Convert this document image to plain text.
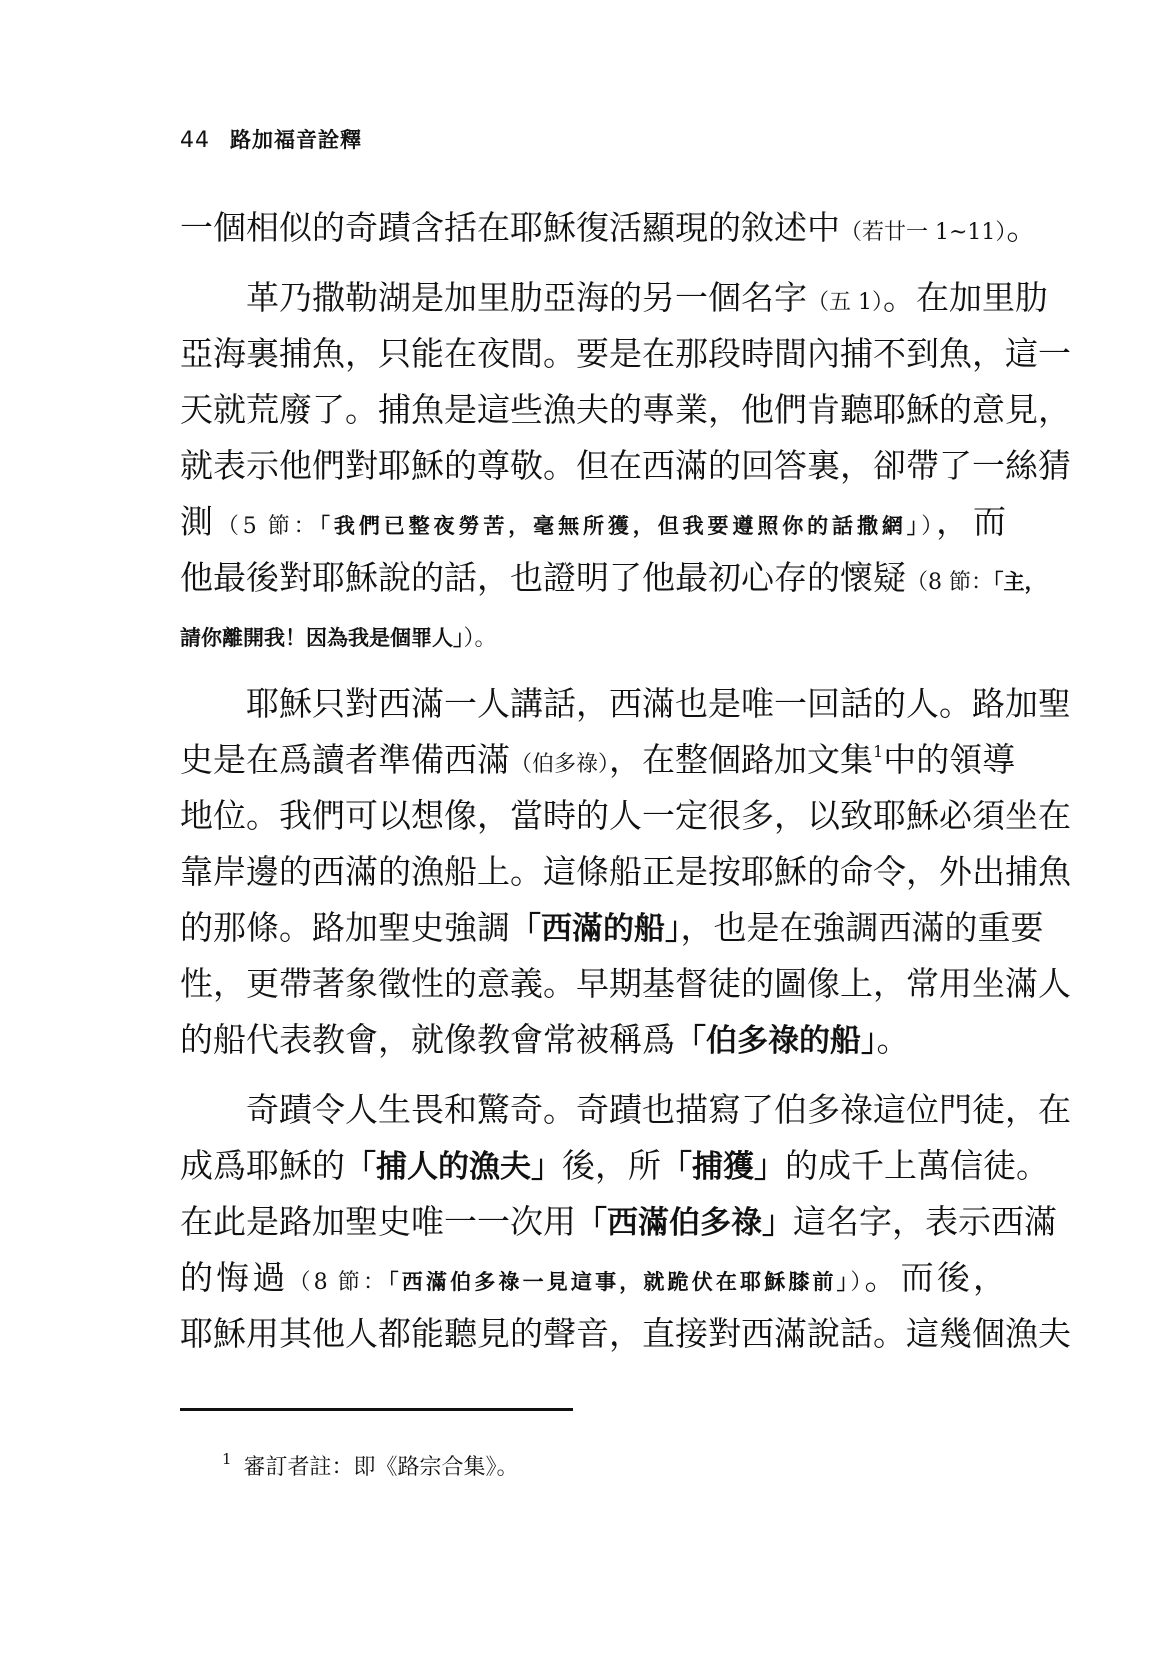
44 路加福音詮釋
一個相似的奇蹟含括在耶穌復活顯現的敘述中（若廿一 1~11）。
革乃撒勒湖是加里肋亞海的另一個名字（五 1）。在加里肋
亞海裏捕魚，只能在夜間。要是在那段時間內捕不到魚，這一
天就荒廢了。捕魚是這些漁夫的專業，他們肯聽耶穌的意見，
就表示他們對耶穌的尊敬。但在西滿的回答裏，卻帶了一絲猜
測（5 節：「我們已整夜勞苦，毫無所獲，但我要遵照你的話撒網」），而
他最後對耶穌說的話，也證明了他最初心存的懷疑（8 節：「主，
請你離開我！因為我是個罪人」）。
耶穌只對西滿一人講話，西滿也是唯一回話的人。路加聖
史是在爲讀者準備西滿（伯多祿），在整個路加文集$^1$中的領導
地位。我們可以想像，當時的人一定很多，以致耶穌必須坐在
靠岸邊的西滿的漁船上。這條船正是按耶穌的命令，外出捕魚
的那條。路加聖史強調「西滿的船」，也是在強調西滿的重要
性，更帶著象徵性的意義。早期基督徒的圖像上，常用坐滿人
的船代表教會，就像教會常被稱爲「伯多祿的船」。
奇蹟令人生畏和驚奇。奇蹟也描寫了伯多祿這位門徒，在
成爲耶穌的「捕人的漁夫」後，所「捕獲」的成千上萬信徒。
在此是路加聖史唯一一次用「西滿伯多祿」這名字，表示西滿
的悔過（8 節：「西滿伯多祿一見這事，就跪伏在耶穌膝前」）。而後，
耶穌用其他人都能聽見的聲音，直接對西滿說話。這幾個漁夫
$^1$ 審訂者註：即《路宗合集》。
